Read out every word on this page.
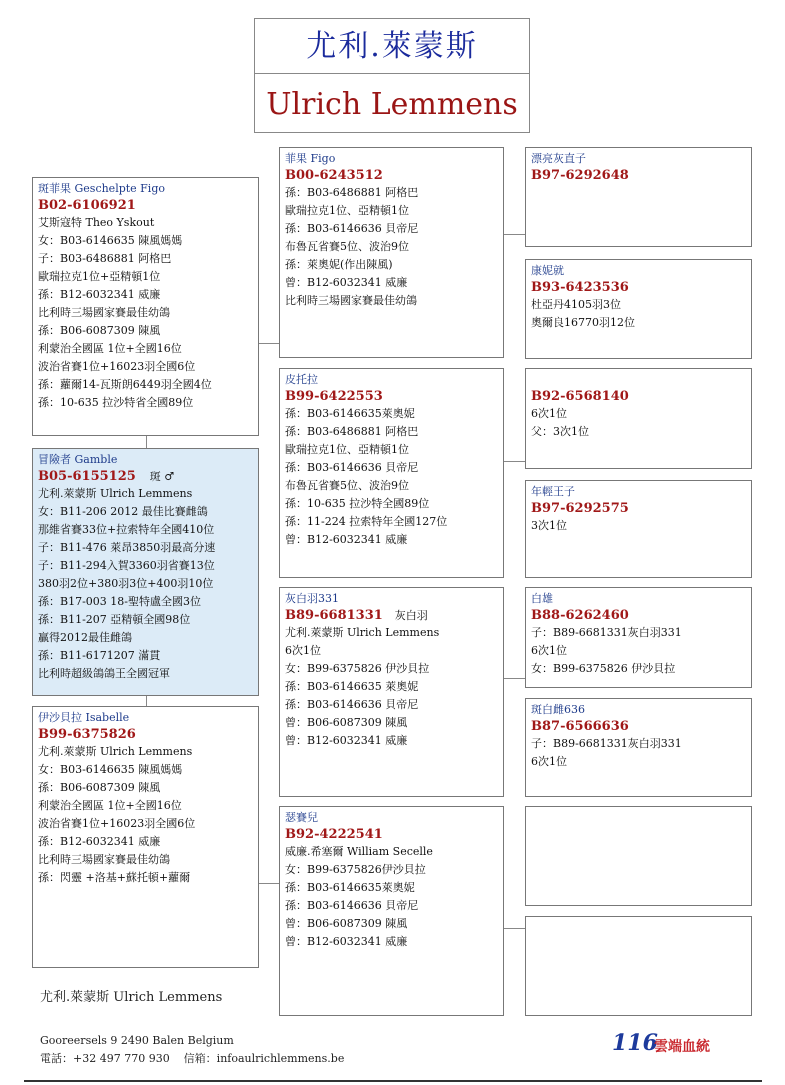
尤利.萊蒙斯
Ulrich Lemmens
斑菲果 Geschelpte Figo
B02-6106921
艾斯寇特 Theo Yskout
女：B03-6146635 陳風媽媽
子：B03-6486881 阿格巴
歐瑞拉克1位+亞精頓1位
孫：B12-6032341 威廉
比利時三場國家賽最佳幼鴿
孫：B06-6087309 陳風
利蒙治全國區 1位+全國16位
波治省賽1位+16023羽全國6位
孫：蘿爾14-瓦斯朗6449羽全國4位
孫：10-635 拉沙特省全國89位
冒險者 Gamble
B05-6155125 斑 ♂
尤利.萊蒙斯 Ulrich Lemmens
女：B11-206 2012 最佳比賽雌鴿
那維省賽33位+拉索特年全國410位
子：B11-476 萊昂3850羽最高分速
子：B11-294入賀3360羽省賽13位
380羽2位+380羽3位+400羽10位
孫：B17-003 18-聖特盧全國3位
孫：B11-207 亞精頓全國98位
贏得2012最佳雌鴿
孫：B11-6171207 滿貫
比利時超級鴿鴿王全國冠軍
伊沙貝拉 Isabelle
B99-6375826
尤利.萊蒙斯 Ulrich Lemmens
女：B03-6146635 陳風媽媽
孫：B06-6087309 陳風
利蒙治全國區 1位+全國16位
波治省賽1位+16023羽全國6位
孫：B12-6032341 威廉
比利時三場國家賽最佳幼鴿
孫：閃靈 +洛基+蘇托頓+蘿爾
菲果 Figo
B00-6243512
孫：B03-6486881 阿格巴
歐瑞拉克1位、亞精頓1位
孫：B03-6146636 貝帝尼
布魯瓦省賽5位、波治9位
孫：萊奧妮(作出陳風)
曾：B12-6032341 威廉
比利時三場國家賽最佳幼鴿
皮托拉
B99-6422553
孫：B03-6146635萊奧妮
孫：B03-6486881 阿格巴
歐瑞拉克1位、亞精頓1位
孫：B03-6146636 貝帝尼
布魯瓦省賽5位、波治9位
孫：10-635 拉沙特全國89位
孫：11-224 拉索特年全國127位
曾：B12-6032341 威廉
灰白羽331
B89-6681331 灰白羽
尤利.萊蒙斯 Ulrich Lemmens
6次1位
女：B99-6375826 伊沙貝拉
孫：B03-6146635 萊奧妮
孫：B03-6146636 貝帝尼
曾：B06-6087309 陳風
曾：B12-6032341 威廉
瑟賽兒
B92-4222541
威廉.希塞爾 William Secelle
女：B99-6375826伊沙貝拉
孫：B03-6146635萊奧妮
孫：B03-6146636 貝帝尼
曾：B06-6087309 陳風
曾：B12-6032341 威廉
漂亮灰直子
B97-6292648
康妮就
B93-6423536
杜亞丹4105羽3位
奧爾良16770羽12位
B92-6568140
6次1位
父：3次1位
年輕王子
B97-6292575
3次1位
白雄
B88-6262460
子：B89-6681331灰白羽331
6次1位
女：B99-6375826 伊沙貝拉
斑白雌636
B87-6566636
子：B89-6681331灰白羽331
6次1位
尤利.萊蒙斯 Ulrich Lemmens
Gooreersels 9 2490 Balen Belgium
電話：+32 497 770 930    信箱：infoaulrichlemmens.be
116
雲端血統
